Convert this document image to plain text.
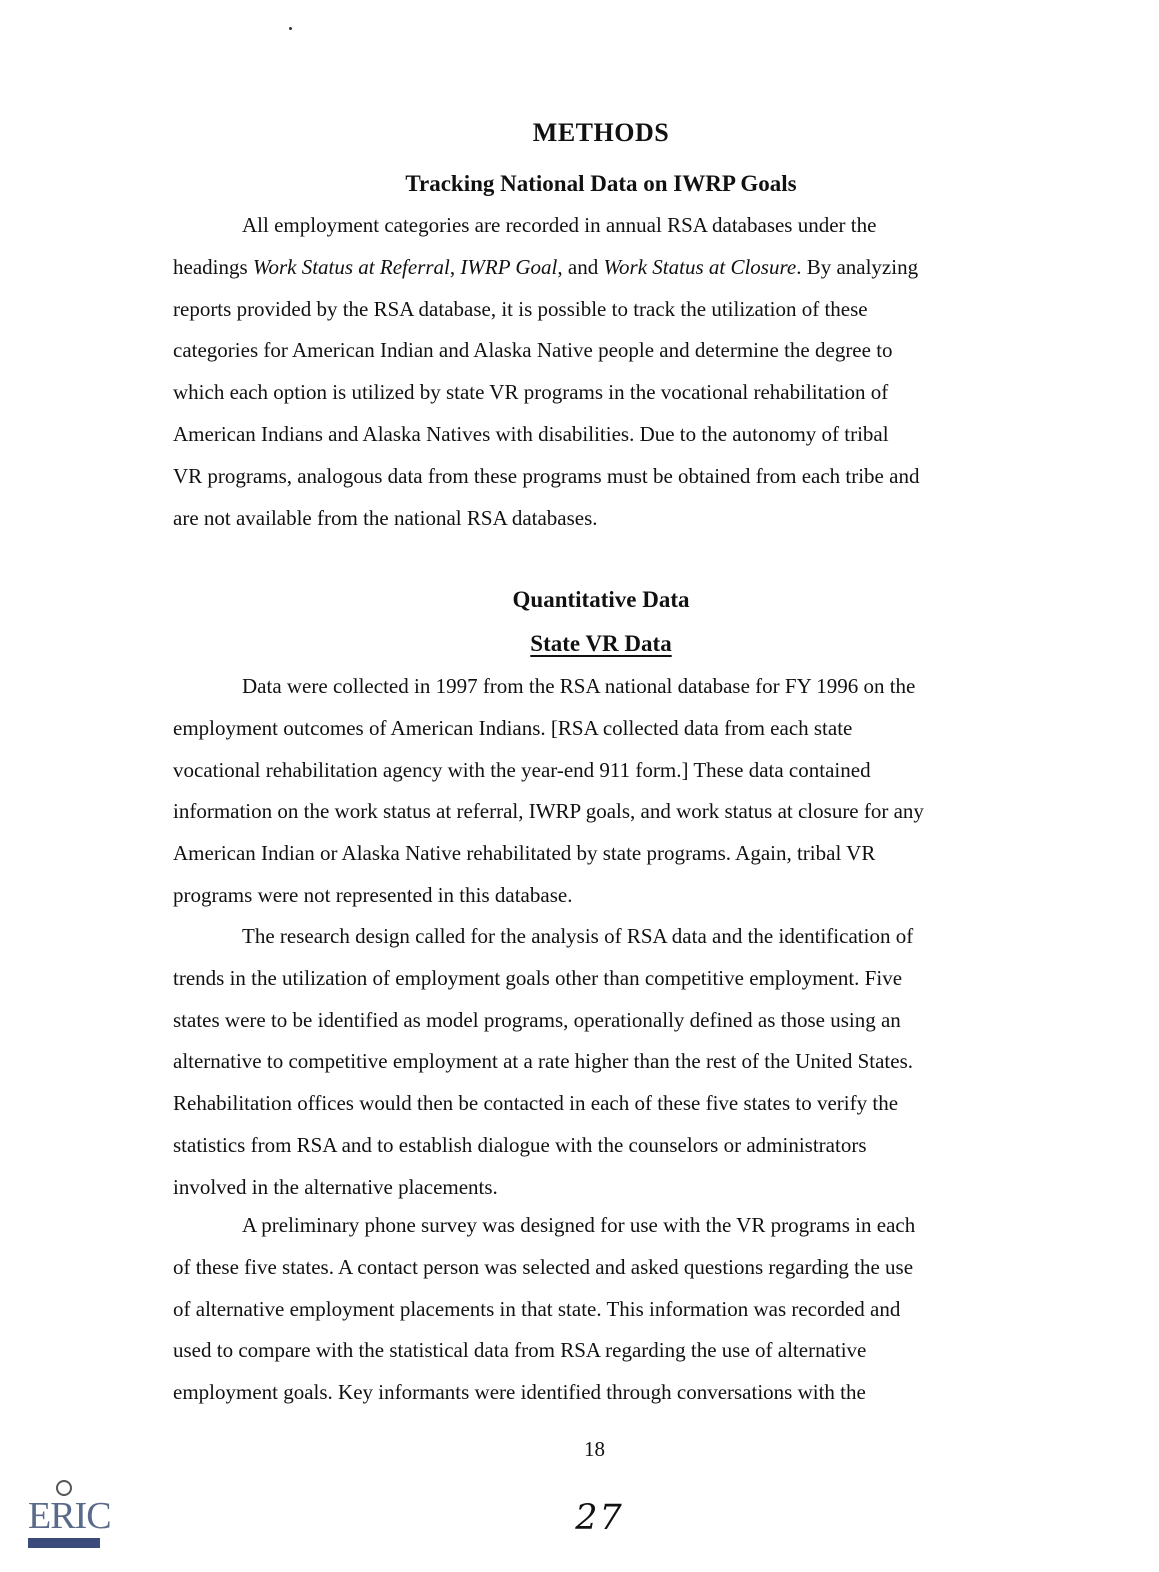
METHODS
Tracking National Data on IWRP Goals
All employment categories are recorded in annual RSA databases under the
headings Work Status at Referral, IWRP Goal, and Work Status at Closure. By analyzing
reports provided by the RSA database, it is possible to track the utilization of these
categories for American Indian and Alaska Native people and determine the degree to
which each option is utilized by state VR programs in the vocational rehabilitation of
American Indians and Alaska Natives with disabilities. Due to the autonomy of tribal
VR programs, analogous data from these programs must be obtained from each tribe and
are not available from the national RSA databases.
Quantitative Data
State VR Data
Data were collected in 1997 from the RSA national database for FY 1996 on the
employment outcomes of American Indians. [RSA collected data from each state
vocational rehabilitation agency with the year-end 911 form.] These data contained
information on the work status at referral, IWRP goals, and work status at closure for any
American Indian or Alaska Native rehabilitated by state programs. Again, tribal VR
programs were not represented in this database.
The research design called for the analysis of RSA data and the identification of
trends in the utilization of employment goals other than competitive employment. Five
states were to be identified as model programs, operationally defined as those using an
alternative to competitive employment at a rate higher than the rest of the United States.
Rehabilitation offices would then be contacted in each of these five states to verify the
statistics from RSA and to establish dialogue with the counselors or administrators
involved in the alternative placements.
A preliminary phone survey was designed for use with the VR programs in each
of these five states. A contact person was selected and asked questions regarding the use
of alternative employment placements in that state. This information was recorded and
used to compare with the statistical data from RSA regarding the use of alternative
employment goals. Key informants were identified through conversations with the
18
27
ERIC
